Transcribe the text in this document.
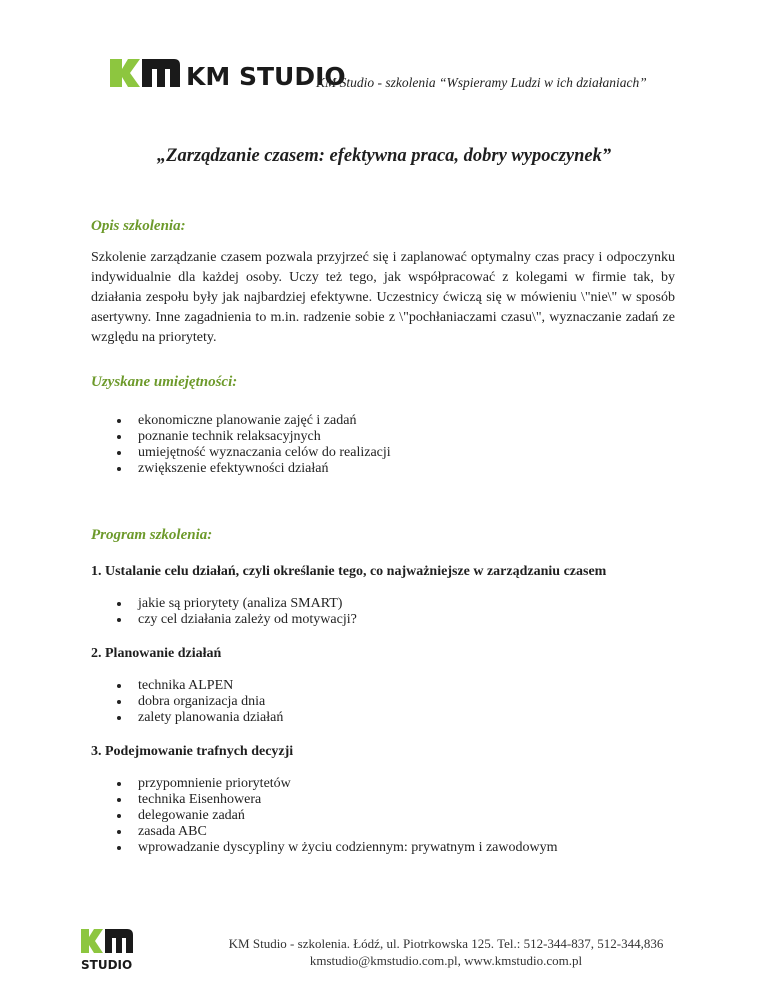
KM STUDIO
KM Studio - szkolenia “Wspieramy Ludzi w ich działaniach”
„Zarządzanie czasem: efektywna praca, dobry wypoczynek”
Opis szkolenia:

Szkolenie zarządzanie czasem pozwala przyjrzeć się i zaplanować optymalny czas pracy i odpoczynku indywidualnie dla każdej osoby. Uczy też tego, jak współpracować z kolegami w firmie tak, by działania zespołu były jak najbardziej efektywne. Uczestnicy ćwiczą się w mówieniu \"nie\" w sposób asertywny. Inne zagadnienia to m.in. radzenie sobie z \"pochłaniaczami czasu\", wyznaczanie zadań ze względu na priorytety.

Uzyskane umiejętności:
ekonomiczne planowanie zajęć i zadań
poznanie technik relaksacyjnych
umiejętność wyznaczania celów do realizacji
zwiększenie efektywności działań
Program szkolenia:
1. Ustalanie celu działań, czyli określanie tego, co najważniejsze w zarządzaniu czasem
jakie są priorytety (analiza SMART)
czy cel działania zależy od motywacji?
2. Planowanie działań
technika ALPEN
dobra organizacja dnia
zalety planowania działań
3. Podejmowanie trafnych decyzji
przypomnienie priorytetów
technika Eisenhowera
delegowanie zadań
zasada ABC
wprowadzanie dyscypliny w życiu codziennym: prywatnym i zawodowym
STUDIO
KM Studio - szkolenia. Łódź, ul. Piotrkowska 125. Tel.: 512-344-837, 512-344,836
kmstudio@kmstudio.com.pl, www.kmstudio.com.pl
